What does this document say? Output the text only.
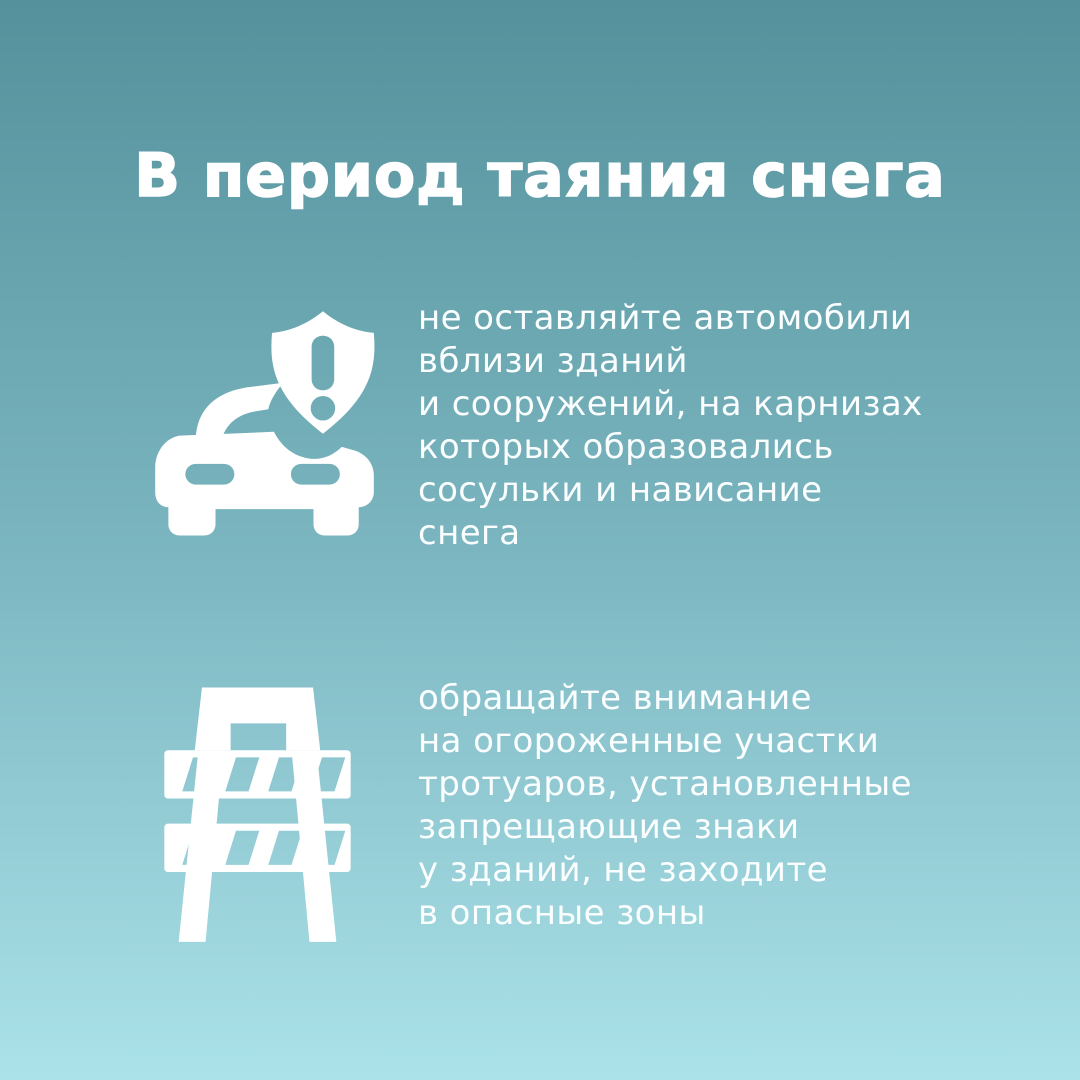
В период таяния снега
не оставляйте автомобили
вблизи зданий
и сооружений, на карнизах
которых образовались
сосульки и нависание
снега
обращайте внимание
на огороженные участки
тротуаров, установленные
запрещающие знаки
у зданий, не заходите
в опасные зоны
